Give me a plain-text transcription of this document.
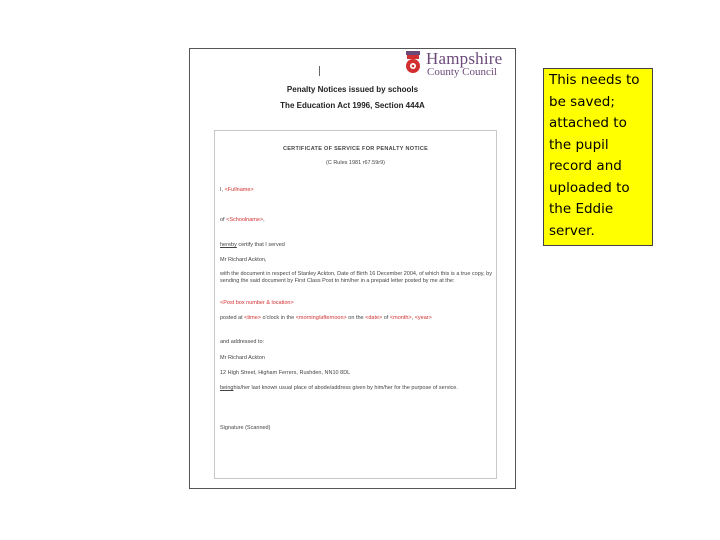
Hampshire
County Council
Penalty Notices issued by schools
The Education Act 1996, Section 444A
CERTIFICATE OF SERVICE FOR PENALTY NOTICE
(C Rules 1981 r67.59r9)
I, <Fullname>
of <Schoolname>,
hereby certify that I served
Mr Richard Ackton,
with the document in respect of Stanley Ackton, Date of Birth 16 December 2004, of which this is a true copy, by sending the said document by First Class Post to him/her in a prepaid letter posted by me at the:
<Post box number & location>
posted at <time> o'clock in the <morning/afternoon> on the <date> of <month>, <year>
and addressed to:
Mr Richard Ackton
12 High Street, Higham Ferrers, Rushden, NN10 8DL
beinghis/her last known usual place of abode/address given by him/her for the purpose of service.
Signature (Scanned)
This needs to be saved; attached to the pupil record and uploaded to the Eddie server.
